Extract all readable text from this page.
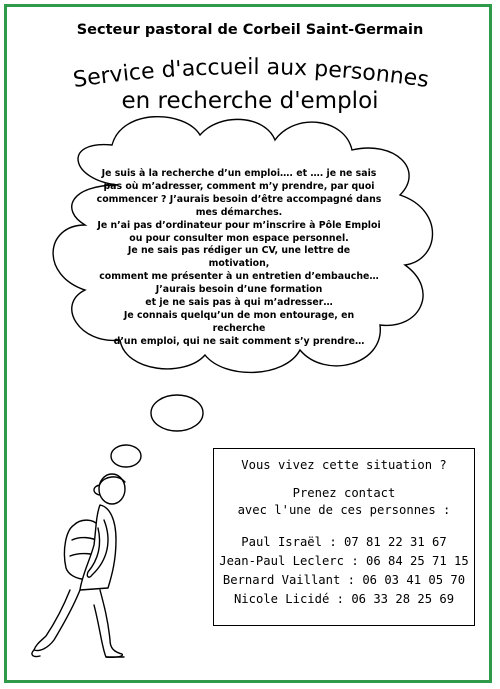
Secteur pastoral de Corbeil Saint-Germain
Service d'accueil aux personnes
en recherche d'emploi

Je suis à la recherche d’un emploi…. et …. je ne sais

pas où m’adresser, comment m’y prendre, par quoi

commencer ? J’aurais besoin d’être accompagné dans

mes démarches.

Je n’ai pas d’ordinateur pour m’inscrire à Pôle Emploi

ou pour consulter mon espace personnel.

Je ne sais pas rédiger un CV, une lettre de motivation,

comment me présenter à un entretien d’embauche…

J’aurais besoin d’une formation

et je ne sais pas à qui m’adresser…

Je connais quelqu’un de mon entourage, en recherche

d’un emploi, qui ne sait comment s’y prendre…

Vous vivez cette situation ?
Prenez contact
avec l'une de ces personnes :
Paul Israël : 07 81 22 31 67
Jean-Paul Leclerc : 06 84 25 71 15
Bernard Vaillant : 06 03 41 05 70
Nicole Licidé : 06 33 28 25 69
